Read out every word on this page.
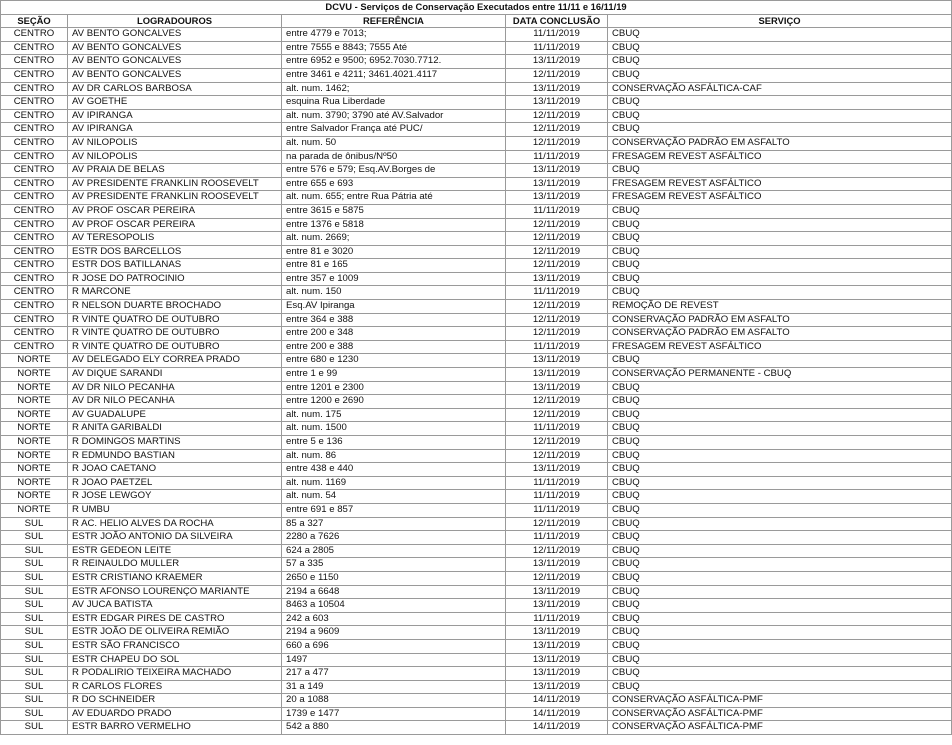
DCVU - Serviços de Conservação Executados entre 11/11 e 16/11/19				
SEÇÃO	LOGRADOUROS	REFERÊNCIA	DATA CONCLUSÃO	SERVIÇO
CENTRO	AV BENTO GONCALVES	entre 4779 e 7013;	11/11/2019	CBUQ
CENTRO	AV BENTO GONCALVES	entre 7555 e 8843; 7555 Até	11/11/2019	CBUQ
CENTRO	AV BENTO GONCALVES	entre 6952 e 9500; 6952.7030.7712.	13/11/2019	CBUQ
CENTRO	AV BENTO GONCALVES	entre 3461 e 4211; 3461.4021.4117	12/11/2019	CBUQ
CENTRO	AV DR CARLOS BARBOSA	alt. num. 1462;	13/11/2019	CONSERVAÇÃO ASFÁLTICA-CAF
CENTRO	AV GOETHE	esquina Rua Liberdade	13/11/2019	CBUQ
CENTRO	AV IPIRANGA	alt. num. 3790; 3790 até AV.Salvador	12/11/2019	CBUQ
CENTRO	AV IPIRANGA	entre Salvador França até PUC/	12/11/2019	CBUQ
CENTRO	AV NILOPOLIS	alt. num. 50	12/11/2019	CONSERVAÇÃO PADRÃO EM ASFALTO
CENTRO	AV NILOPOLIS	na parada de ônibus/Nº50	11/11/2019	FRESAGEM REVEST ASFÁLTICO
CENTRO	AV PRAIA DE BELAS	entre 576 e 579; Esq.AV.Borges de	13/11/2019	CBUQ
CENTRO	AV PRESIDENTE FRANKLIN ROOSEVELT	entre 655 e 693	13/11/2019	FRESAGEM REVEST ASFÁLTICO
CENTRO	AV PRESIDENTE FRANKLIN ROOSEVELT	alt. num. 655; entre Rua Pátria até	13/11/2019	FRESAGEM REVEST ASFÁLTICO
CENTRO	AV PROF OSCAR PEREIRA	entre 3615 e 5875	11/11/2019	CBUQ
CENTRO	AV PROF OSCAR PEREIRA	entre 1376 e 5818	12/11/2019	CBUQ
CENTRO	AV TERESOPOLIS	alt. num. 2669;	12/11/2019	CBUQ
CENTRO	ESTR DOS BARCELLOS	entre 81 e 3020	12/11/2019	CBUQ
CENTRO	ESTR DOS BATILLANAS	entre 81 e 165	12/11/2019	CBUQ
CENTRO	R JOSE DO PATROCINIO	entre 357 e 1009	13/11/2019	CBUQ
CENTRO	R MARCONE	alt. num. 150	11/11/2019	CBUQ
CENTRO	R NELSON DUARTE BROCHADO	Esq.AV Ipiranga	12/11/2019	REMOÇÃO DE REVEST
CENTRO	R VINTE QUATRO DE OUTUBRO	entre 364 e 388	12/11/2019	CONSERVAÇÃO PADRÃO EM ASFALTO
CENTRO	R VINTE QUATRO DE OUTUBRO	entre 200 e 348	12/11/2019	CONSERVAÇÃO PADRÃO EM ASFALTO
CENTRO	R VINTE QUATRO DE OUTUBRO	entre 200 e 388	11/11/2019	FRESAGEM REVEST ASFÁLTICO
NORTE	AV DELEGADO ELY CORREA PRADO	entre 680 e 1230	13/11/2019	CBUQ
NORTE	AV DIQUE SARANDI	entre 1 e 99	13/11/2019	CONSERVAÇÃO PERMANENTE - CBUQ
NORTE	AV DR NILO PECANHA	entre 1201 e 2300	13/11/2019	CBUQ
NORTE	AV DR NILO PECANHA	entre 1200 e 2690	12/11/2019	CBUQ
NORTE	AV GUADALUPE	alt. num. 175	12/11/2019	CBUQ
NORTE	R ANITA GARIBALDI	alt. num. 1500	11/11/2019	CBUQ
NORTE	R DOMINGOS MARTINS	entre 5 e 136	12/11/2019	CBUQ
NORTE	R EDMUNDO BASTIAN	alt. num. 86	12/11/2019	CBUQ
NORTE	R JOAO CAETANO	entre 438 e 440	13/11/2019	CBUQ
NORTE	R JOAO PAETZEL	alt. num. 1169	11/11/2019	CBUQ
NORTE	R JOSE LEWGOY	alt. num. 54	11/11/2019	CBUQ
NORTE	R UMBU	entre 691 e 857	11/11/2019	CBUQ
SUL	R AC. HELIO ALVES DA ROCHA	85 a 327	12/11/2019	CBUQ
SUL	ESTR JOÃO ANTONIO DA SILVEIRA	2280 a 7626	11/11/2019	CBUQ
SUL	ESTR GEDEON LEITE	624 a 2805	12/11/2019	CBUQ
SUL	R REINAULDO MULLER	57 a 335	13/11/2019	CBUQ
SUL	ESTR CRISTIANO KRAEMER	2650 e 1150	12/11/2019	CBUQ
SUL	ESTR AFONSO LOURENÇO MARIANTE	2194 a 6648	13/11/2019	CBUQ
SUL	AV JUCA BATISTA	8463 a 10504	13/11/2019	CBUQ
SUL	ESTR EDGAR PIRES DE CASTRO	242 a 603	11/11/2019	CBUQ
SUL	ESTR JOÃO DE OLIVEIRA REMIÃO	2194 a 9609	13/11/2019	CBUQ
SUL	ESTR SÃO FRANCISCO	660 a 696	13/11/2019	CBUQ
SUL	ESTR CHAPEU DO SOL	1497	13/11/2019	CBUQ
SUL	R PODALIRIO TEIXEIRA MACHADO	217 a 477	13/11/2019	CBUQ
SUL	R CARLOS FLORES	31 a 149	13/11/2019	CBUQ
SUL	R DO SCHNEIDER	20 a 1088	14/11/2019	CONSERVAÇÃO ASFÁLTICA-PMF
SUL	AV EDUARDO PRADO	1739 e 1477	14/11/2019	CONSERVAÇÃO ASFÁLTICA-PMF
SUL	ESTR BARRO VERMELHO	542 a 880	14/11/2019	CONSERVAÇÃO ASFÁLTICA-PMF
